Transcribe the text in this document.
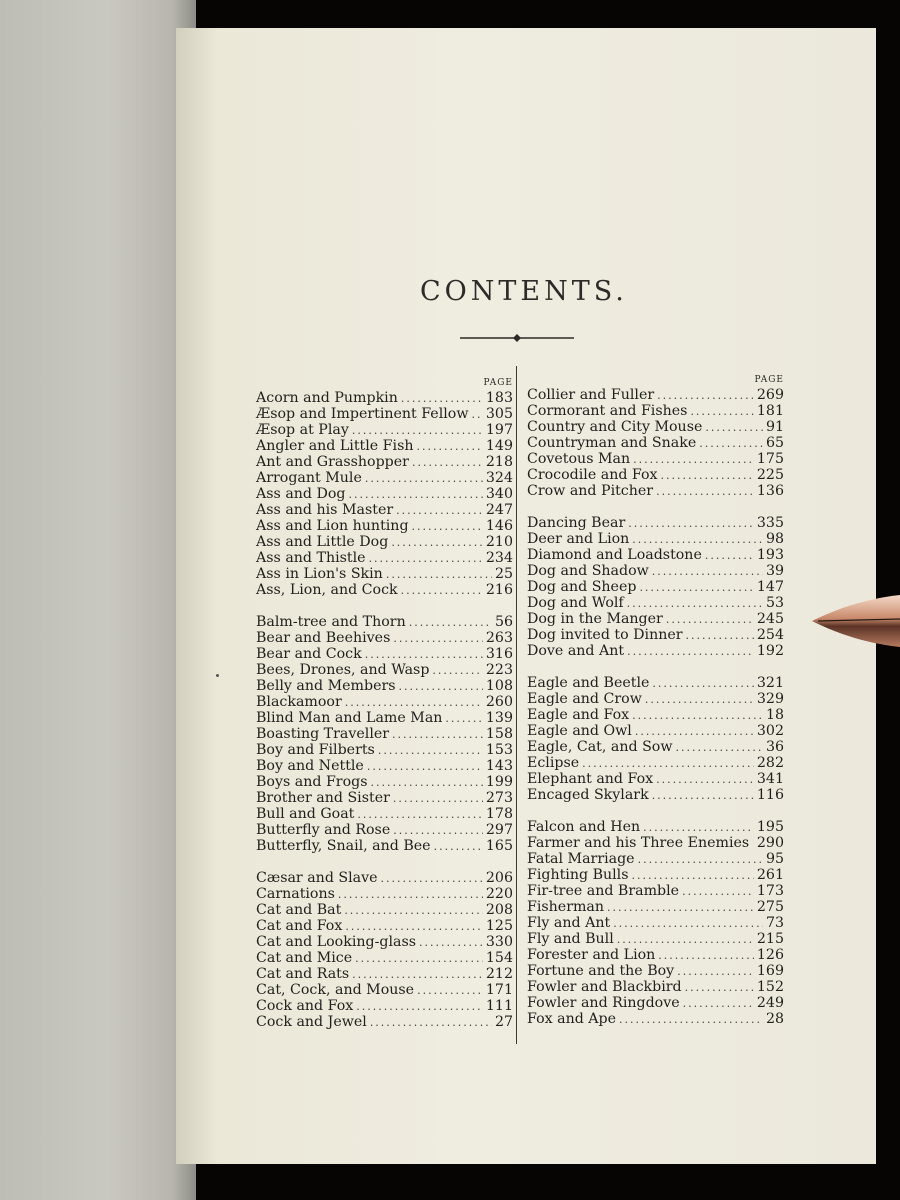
CONTENTS.
PAGE
Acorn and Pumpkin .....	183
Æsop and Impertinent Fellow ..... 305
Æsop at Play .....	197
Angler and Little Fish .....	149
Ant and Grasshopper .....	218
Arrogant Mule .....	324
Ass and Dog .....	340
Ass and his Master .....	247
Ass and Lion hunting .....	146
Ass and Little Dog .....	210
Ass and Thistle .....	234
Ass in Lion's Skin .....	25
Ass, Lion, and Cock .....	216
Balm-tree and Thorn .....	56
Bear and Beehives .....	263
Bear and Cock .....	316
Bees, Drones, and Wasp .....	223
Belly and Members .....	108
Blackamoor .....	260
Blind Man and Lame Man .....	139
Boasting Traveller .....	158
Boy and Filberts .....	153
Boy and Nettle .....	143
Boys and Frogs .....	199
Brother and Sister .....	273
Bull and Goat .....	178
Butterfly and Rose .....	297
Butterfly, Snail, and Bee .....	165
Cæsar and Slave .....	206
Carnations .....	220
Cat and Bat .....	208
Cat and Fox .....	125
Cat and Looking-glass .....	330
Cat and Mice .....	154
Cat and Rats .....	212
Cat, Cock, and Mouse .....	171
Cock and Fox .....	111
Cock and Jewel .....	27
PAGE
Collier and Fuller .....	269
Cormorant and Fishes .....	181
Country and City Mouse .....	91
Countryman and Snake .....	65
Covetous Man .....	175
Crocodile and Fox .....	225
Crow and Pitcher .....	136
Dancing Bear .....	335
Deer and Lion .....	98
Diamond and Loadstone .....	193
Dog and Shadow .....	39
Dog and Sheep .....	147
Dog and Wolf .....	53
Dog in the Manger .....	245
Dog invited to Dinner .....	254
Dove and Ant .....	192
Eagle and Beetle .....	321
Eagle and Crow .....	329
Eagle and Fox .....	18
Eagle and Owl .....	302
Eagle, Cat, and Sow .....	36
Eclipse .....	282
Elephant and Fox .....	341
Encaged Skylark .....	116
Falcon and Hen .....	195
Farmer and his Three Enemies 290
Fatal Marriage .....	95
Fighting Bulls .....	261
Fir-tree and Bramble .....	173
Fisherman .....	275
Fly and Ant .....	73
Fly and Bull .....	215
Forester and Lion .....	126
Fortune and the Boy .....	169
Fowler and Blackbird .....	152
Fowler and Ringdove .....	249
Fox and Ape .....	28
